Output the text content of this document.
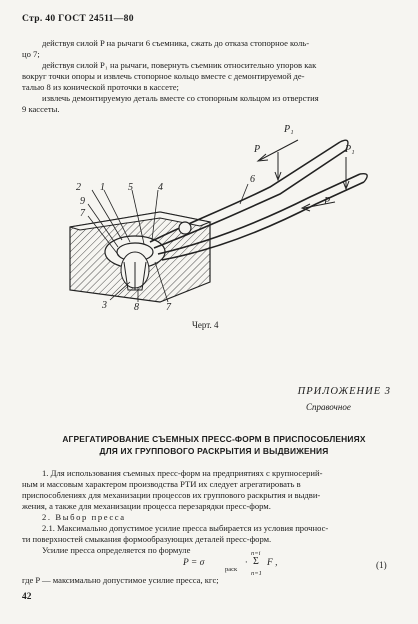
Стр. 40 ГОСТ 24511—80
действуя силой P на рычаги 6 съемника, сжать до отказа стопорное коль-
цо 7;
действуя силой P₁ на рычаги, повернуть съемник относительно упоров как
вокруг точки опоры и извлечь стопорное кольцо вместе с демонтируемой де-
талью 8 из конической проточки в кассете;
извлечь демонтируемую деталь вместе со стопорным кольцом из отверстия
9 кассеты.
P₁
P	P₁
P
6
2 1 5	4
9
7
3	8	7
Черт. 4
ПРИЛОЖЕНИЕ 3
Справочное
АГРЕГАТИРОВАНИЕ СЪЕМНЫХ ПРЕСС-ФОРМ В ПРИСПОСОБЛЕНИЯХ
ДЛЯ ИХ ГРУППОВОГО РАСКРЫТИЯ И ВЫДВИЖЕНИЯ
1. Для использования съемных пресс-форм на предприятиях с крупносерий-
ным и массовым характером производства РТИ их следует агрегатировать в
приспособлениях для механизации процессов их группового раскрытия и выдви-
жения, а также для механизации процесса перезарядки пресс-форм.
2. Выбор пресса
2.1. Максимально допустимое усилие пресса выбирается из условия прочнос-
ти поверхностей смыкания формообразующих деталей пресс-форм.
Усилие пресса определяется по формуле
P = σ
раск
·
n=i
Σ
n=1
F ,	(1)
где P — максимально допустимое усилие пресса, кгс;
42
